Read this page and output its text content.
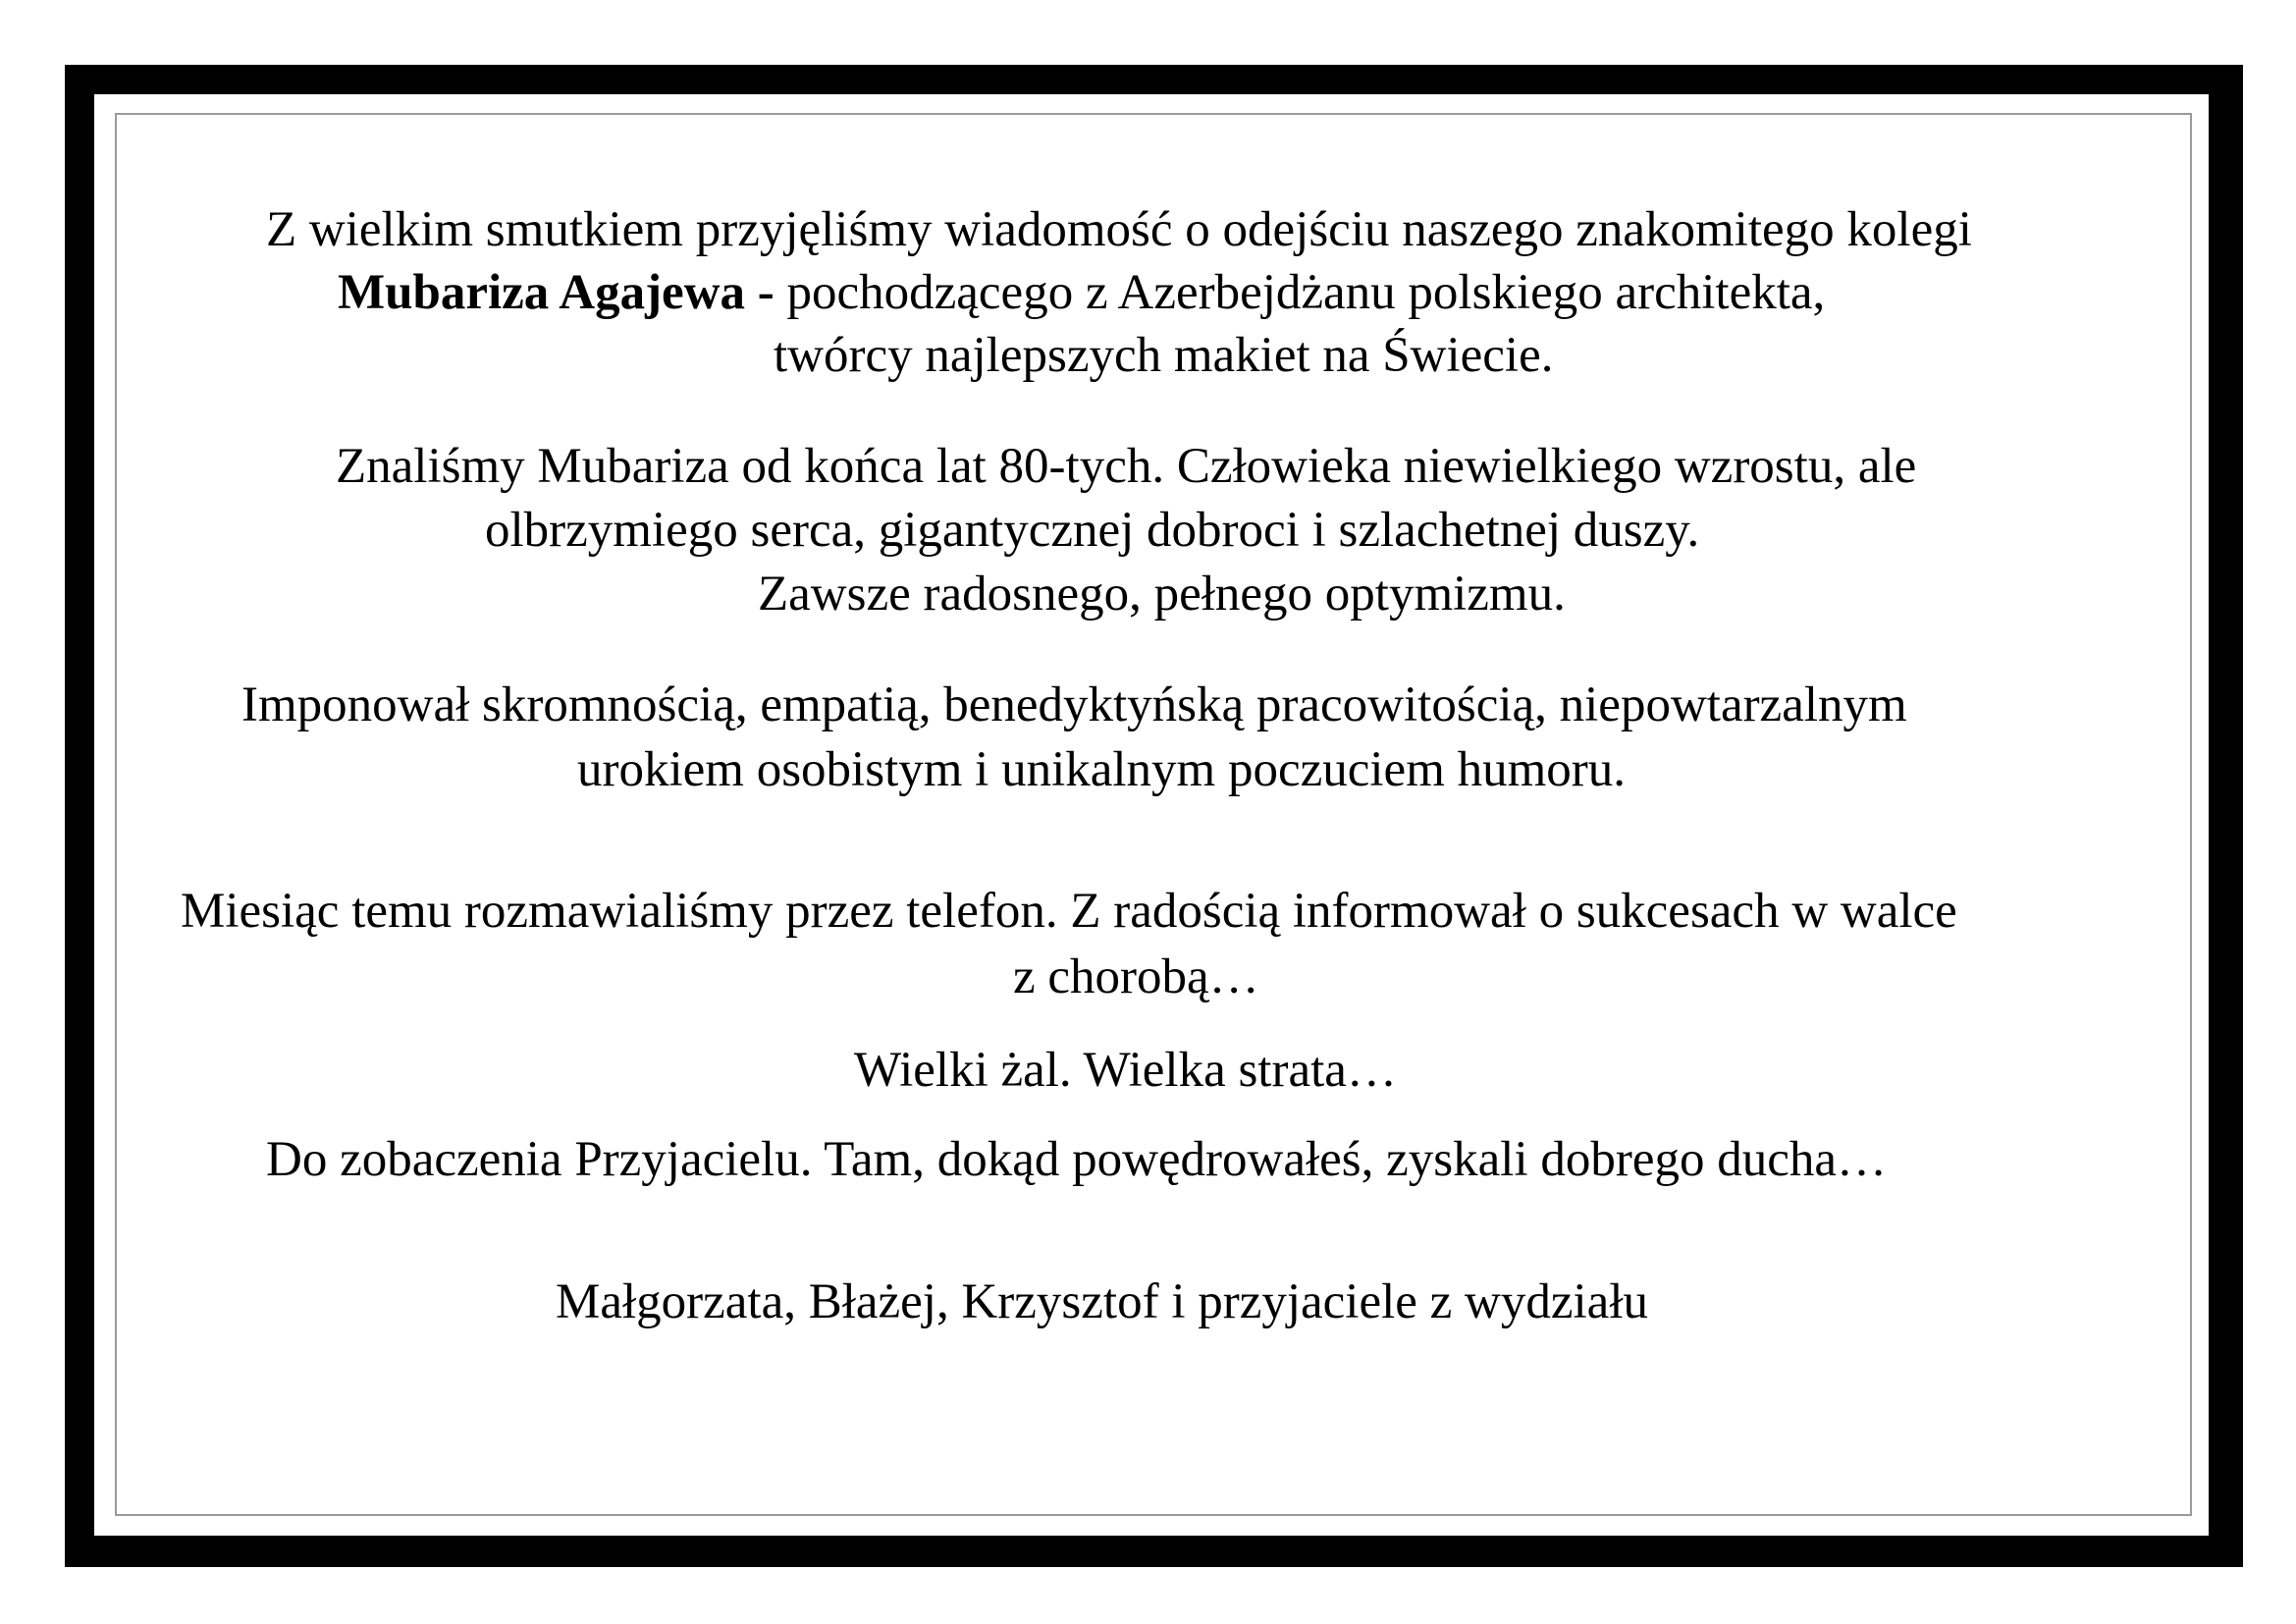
Z wielkim smutkiem przyjęliśmy wiadomość o odejściu naszego znakomitego kolegi
Mubariza Agajewa - pochodzącego z Azerbejdżanu polskiego architekta,
twórcy najlepszych makiet na Świecie.
Znaliśmy Mubariza od końca lat 80-tych. Człowieka niewielkiego wzrostu, ale
olbrzymiego serca, gigantycznej dobroci i szlachetnej duszy.
Zawsze radosnego, pełnego optymizmu.
Imponował skromnością, empatią, benedyktyńską pracowitością, niepowtarzalnym
urokiem osobistym i unikalnym poczuciem humoru.
Miesiąc temu rozmawialiśmy przez telefon. Z radością informował o sukcesach w walce
z chorobą…
Wielki żal. Wielka strata…
Do zobaczenia Przyjacielu. Tam, dokąd powędrowałeś, zyskali dobrego ducha…
Małgorzata, Błażej, Krzysztof i przyjaciele z wydziału
